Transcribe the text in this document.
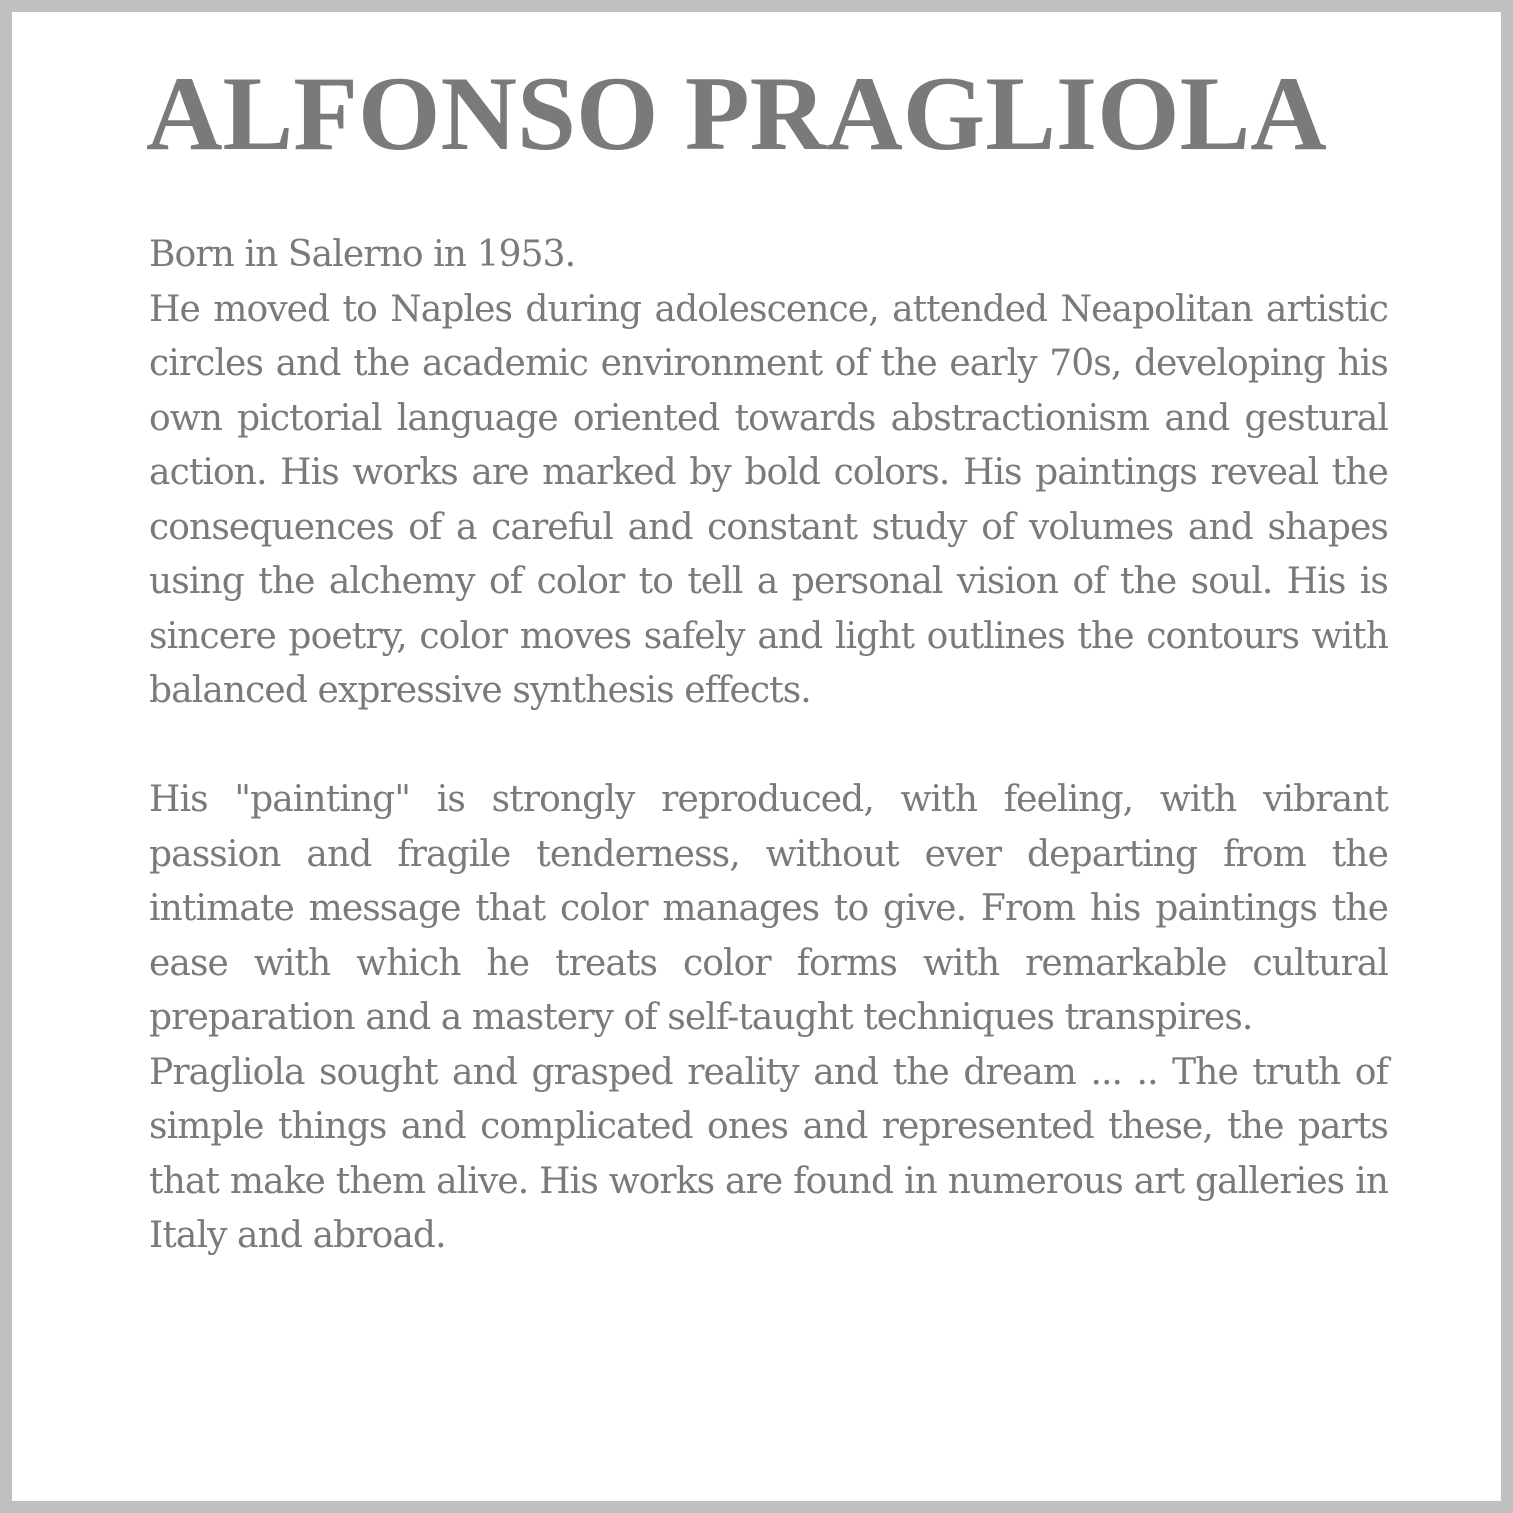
ALFONSO PRAGLIOLA

Born in Salerno in 1953.

He moved to Naples during adolescence, attended Neapolitan artistic circles and the academic environment of the early 70s, developing his own pictorial language oriented towards abstractionism and gestural action. His works are marked by bold colors. His paintings reveal the consequences of a careful and constant study of volumes and shapes using the alchemy of color to tell a personal vision of the soul. His is sincere poetry, color moves safely and light outlines the contours with balanced expressive synthesis effects.

His "painting" is strongly reproduced, with feeling, with vibrant passion and fragile tenderness, without ever departing from the intimate message that color manages to give. From his paintings the ease with which he treats color forms with remarkable cultural preparation and a mastery of self-taught techniques transpires.

Pragliola sought and grasped reality and the dream ... .. The truth of simple things and complicated ones and represented these, the parts that make them alive. His works are found in numerous art galleries in Italy and abroad.
